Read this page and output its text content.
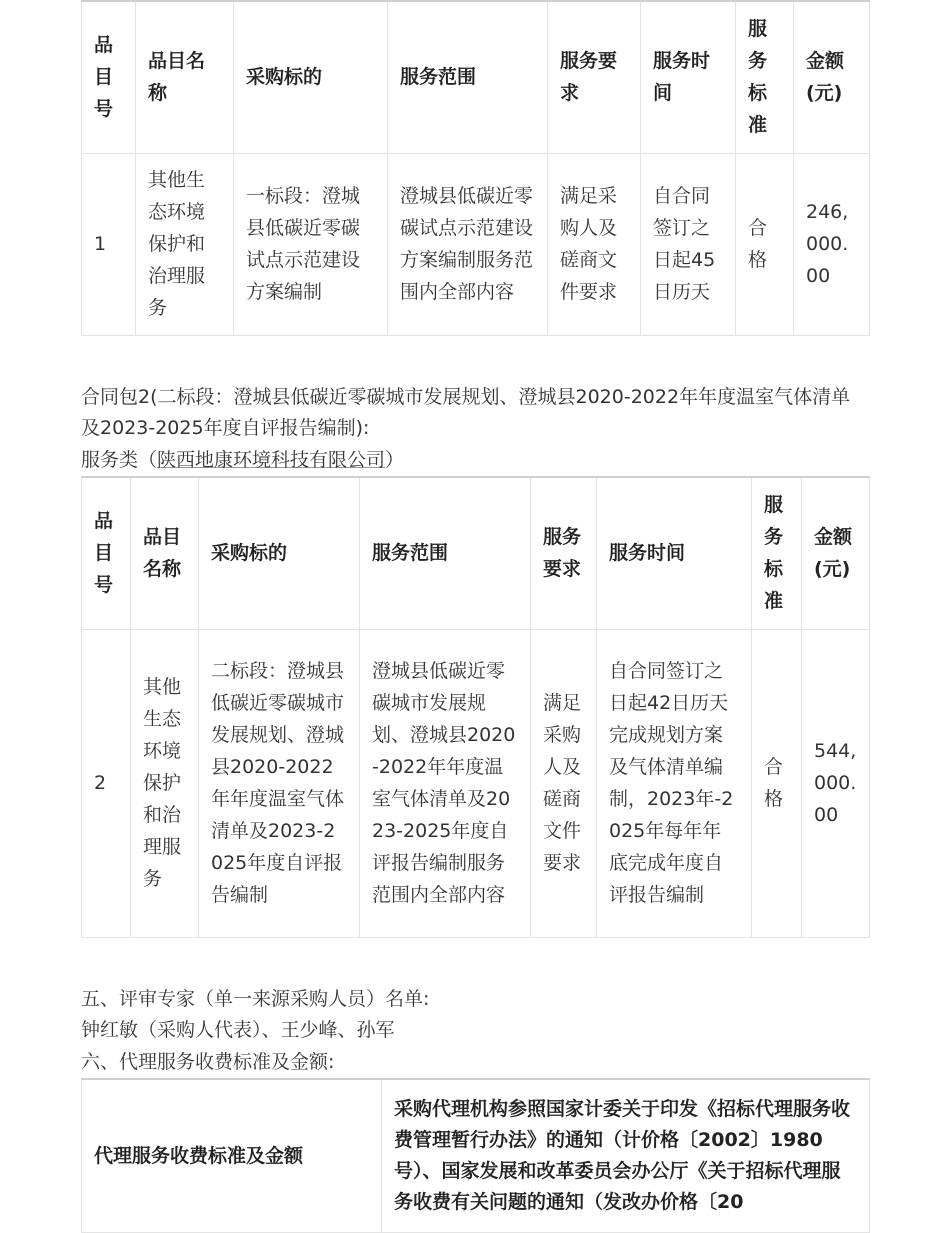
品目号	品目名称	采购标的	服务范围	服务要求	服务时间	服务标准	金额(元)
1	其他生态环境保护和治理服务	一标段：澄城县低碳近零碳试点示范建设方案编制	澄城县低碳近零碳试点示范建设方案编制服务范围内全部内容	满足采购人及磋商文件要求	自合同签订之日起45日历天	合格	246,000.00

合同包2(二标段：澄城县低碳近零碳城市发展规划、澄城县2020-2022年年度温室气体清单及2023-2025年度自评报告编制):

服务类（陕西地康环境科技有限公司）

品目号	品目名称	采购标的	服务范围	服务要求	服务时间	服务标准	金额(元)
2	其他生态环境保护和治理服务	二标段：澄城县低碳近零碳城市发展规划、澄城县2020-2022年年度温室气体清单及2023-2025年度自评报告编制	澄城县低碳近零碳城市发展规划、澄城县2020-2022年年度温室气体清单及2023-2025年度自评报告编制服务范围内全部内容	满足采购人及磋商文件要求	自合同签订之日起42日历天完成规划方案及气体清单编制，2023年-2025年每年年底完成年度自评报告编制	合格	544,000.00

五、评审专家（单一来源采购人员）名单:

钟红敏（采购人代表）、王少峰、孙军

六、代理服务收费标准及金额:

代理服务收费标准及金额	采购代理机构参照国家计委关于印发《招标代理服务收费管理暂行办法》的通知（计价格〔2002〕1980号）、国家发展和改革委员会办公厅《关于招标代理服务收费有关问题的通知（发改办价格〔20
